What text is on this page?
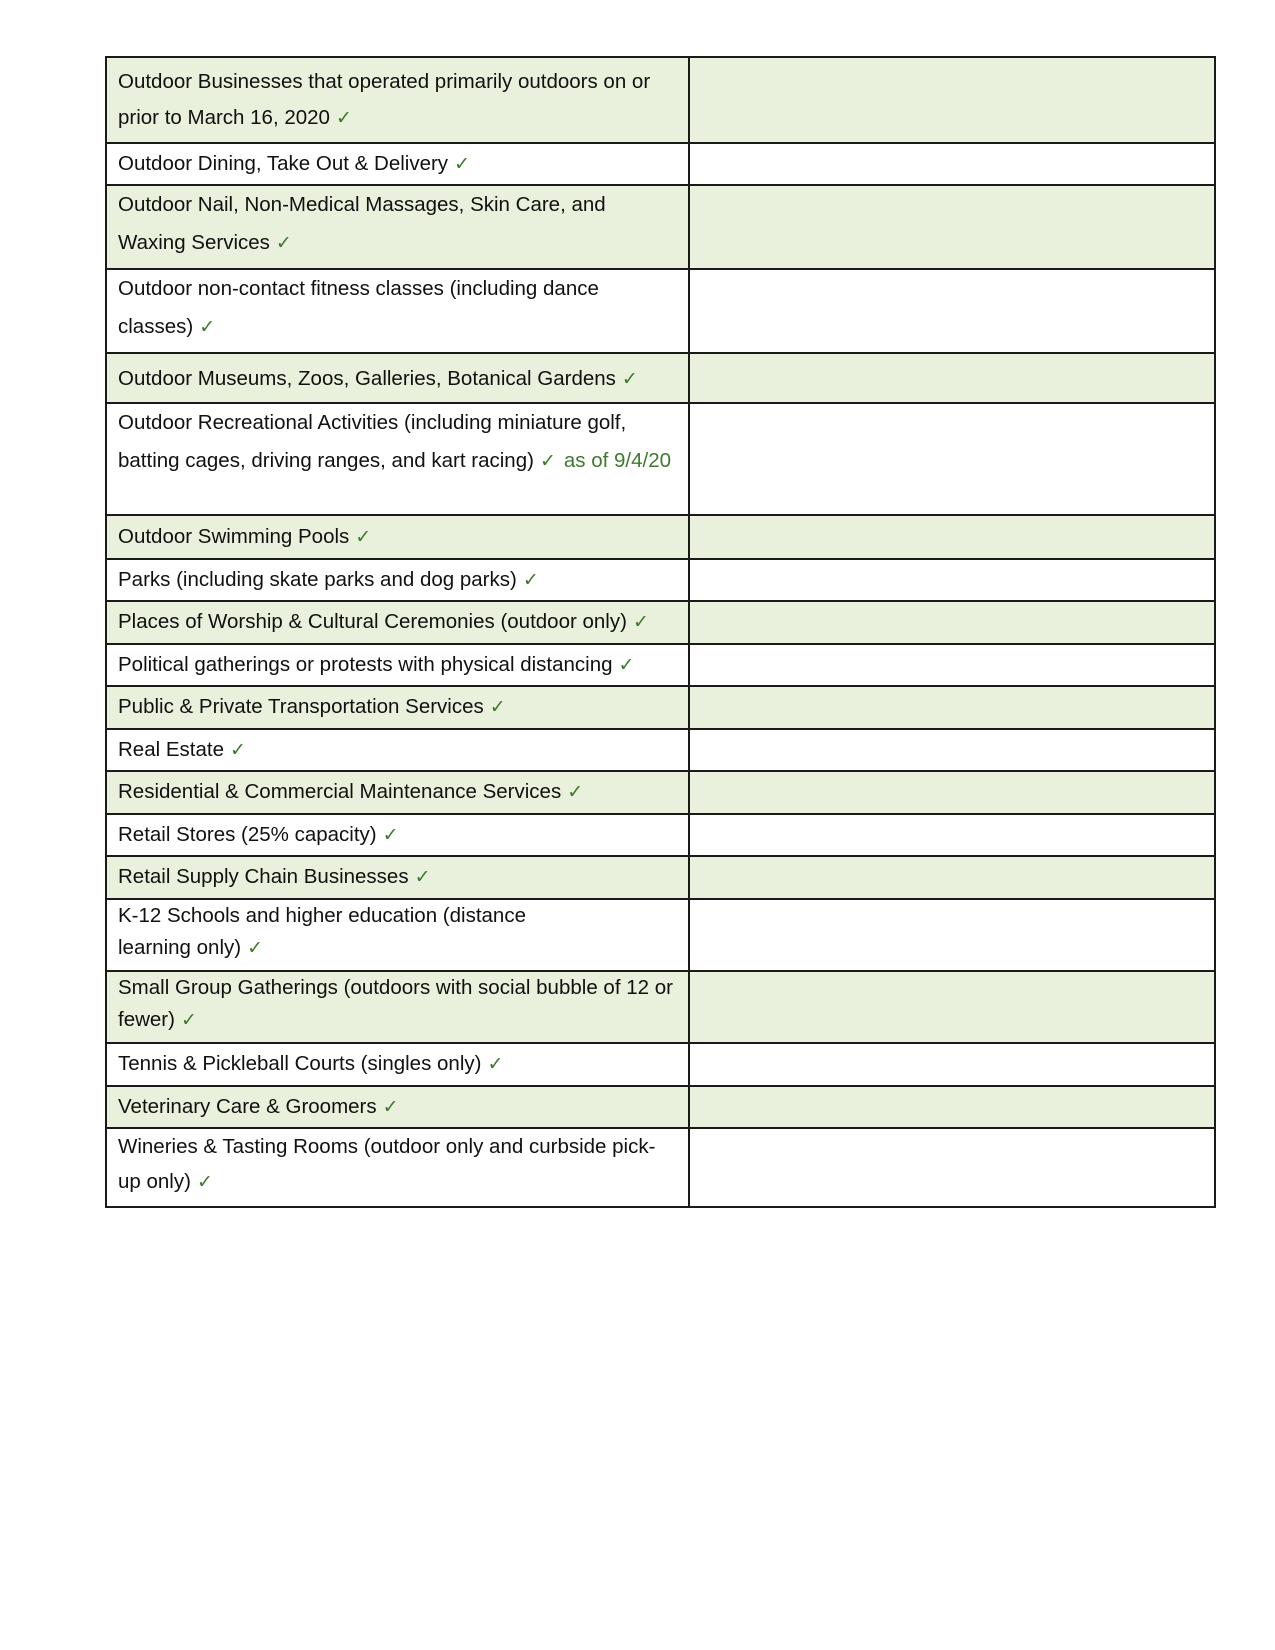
Outdoor Businesses that operated primarily outdoors on or prior to March 16, 2020 ✓	

Outdoor Dining, Take Out & Delivery ✓	

Outdoor Nail, Non-Medical Massages, Skin Care, and Waxing Services ✓	

Outdoor non-contact fitness classes (including dance classes) ✓	

Outdoor Museums, Zoos, Galleries, Botanical Gardens ✓	

Outdoor Recreational Activities (including miniature golf, batting cages, driving ranges, and kart racing) ✓ as of 9/4/20	

Outdoor Swimming Pools ✓	

Parks (including skate parks and dog parks) ✓	

Places of Worship & Cultural Ceremonies (outdoor only) ✓	

Political gatherings or protests with physical distancing ✓	

Public & Private Transportation Services ✓	

Real Estate ✓	

Residential & Commercial Maintenance Services ✓	

Retail Stores (25% capacity) ✓	

Retail Supply Chain Businesses ✓	

K-12 Schools and higher education (distance learning only) ✓	

Small Group Gatherings (outdoors with social bubble of 12 or fewer) ✓	

Tennis & Pickleball Courts (singles only) ✓	

Veterinary Care & Groomers ✓	

Wineries & Tasting Rooms (outdoor only and curbside pick-up only) ✓	
